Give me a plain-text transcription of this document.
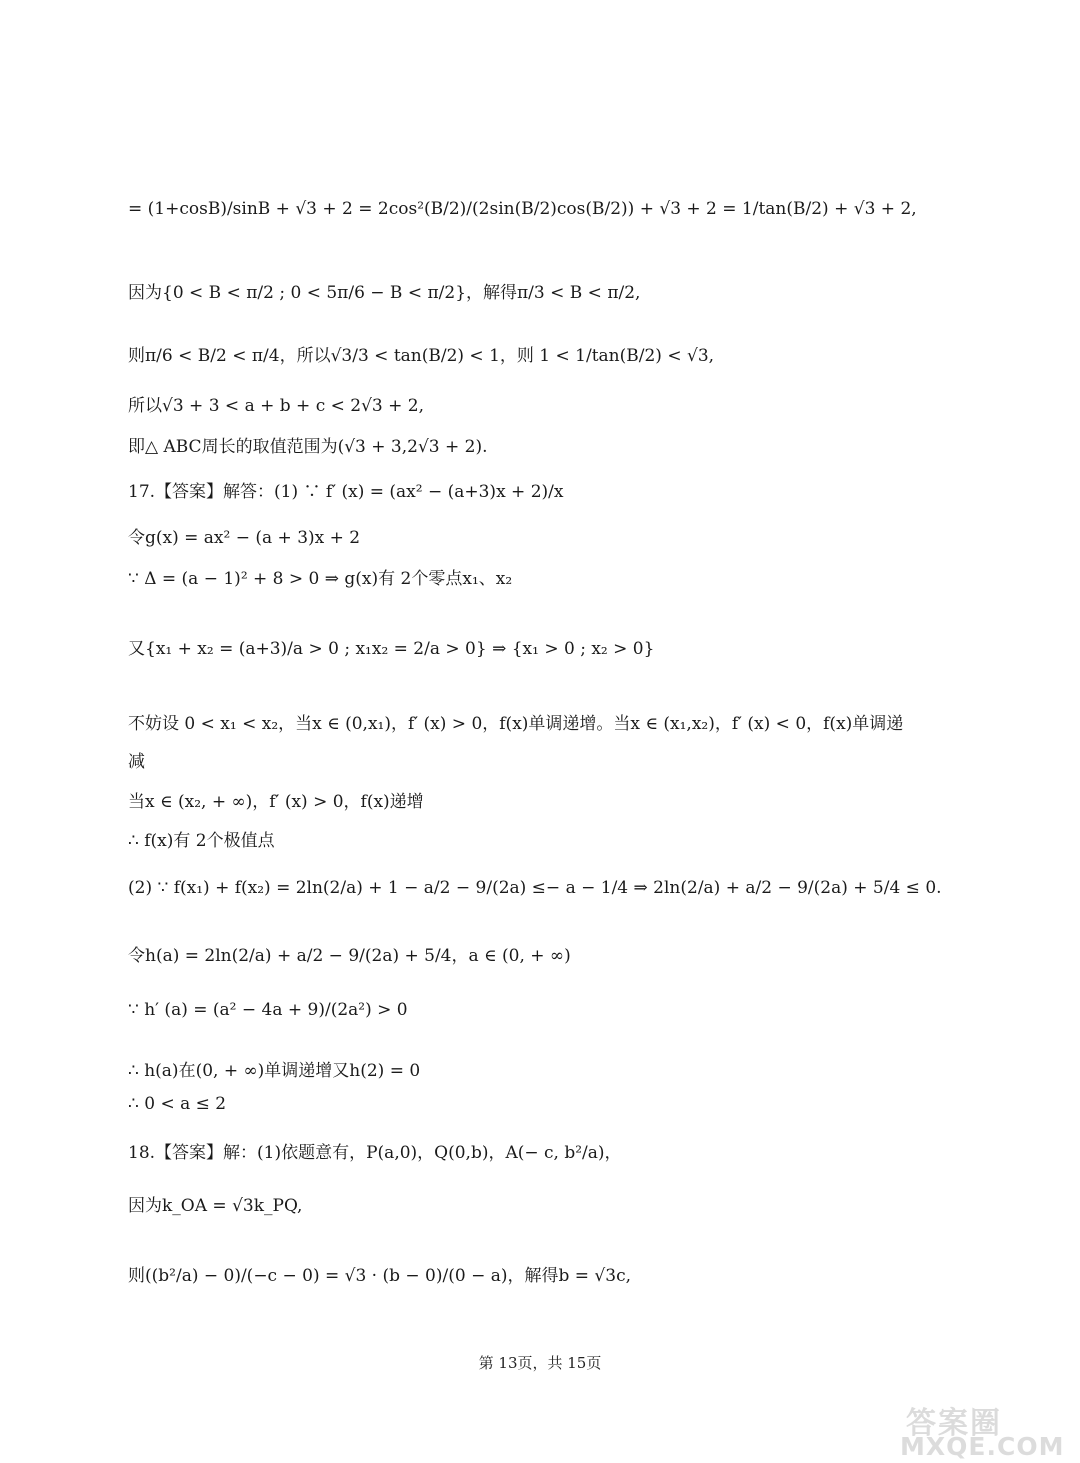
= (1+cosB)/sinB + √3 + 2 = 2cos²(B/2)/(2sin(B/2)cos(B/2)) + √3 + 2 = 1/tan(B/2) + √3 + 2,
因为{0 < B < π/2 ; 0 < 5π/6 − B < π/2}，解得π/3 < B < π/2,
则π/6 < B/2 < π/4，所以√3/3 < tan(B/2) < 1，则 1 < 1/tan(B/2) < √3,
所以√3 + 3 < a + b + c < 2√3 + 2,
即△ ABC周长的取值范围为(√3 + 3,2√3 + 2).
17.【答案】解答：(1) ∵ f′ (x) = (ax² − (a+3)x + 2)/x
令g(x) = ax² − (a + 3)x + 2
∵ Δ = (a − 1)² + 8 > 0 ⇒ g(x)有 2个零点x₁、x₂
又{x₁ + x₂ = (a+3)/a > 0 ; x₁x₂ = 2/a > 0} ⇒ {x₁ > 0 ; x₂ > 0}
不妨设 0 < x₁ < x₂，当x ∈ (0,x₁)，f′ (x) > 0，f(x)单调递增。当x ∈ (x₁,x₂)，f′ (x) < 0，f(x)单调递
减
当x ∈ (x₂, + ∞)，f′ (x) > 0，f(x)递增
∴ f(x)有 2个极值点
(2) ∵ f(x₁) + f(x₂) = 2ln(2/a) + 1 − a/2 − 9/(2a) ≤− a − 1/4 ⇒ 2ln(2/a) + a/2 − 9/(2a) + 5/4 ≤ 0.
令h(a) = 2ln(2/a) + a/2 − 9/(2a) + 5/4，a ∈ (0, + ∞)
∵ h′ (a) = (a² − 4a + 9)/(2a²) > 0
∴ h(a)在(0, + ∞)单调递增又h(2) = 0
∴ 0 < a ≤ 2
18.【答案】解：(1)依题意有，P(a,0)，Q(0,b)，A(− c, b²/a)，
因为k_OA = √3k_PQ,
则((b²/a) − 0)/(−c − 0) = √3 · (b − 0)/(0 − a)，解得b = √3c,
第 13页，共 15页
答案圈
MXQE.COM
